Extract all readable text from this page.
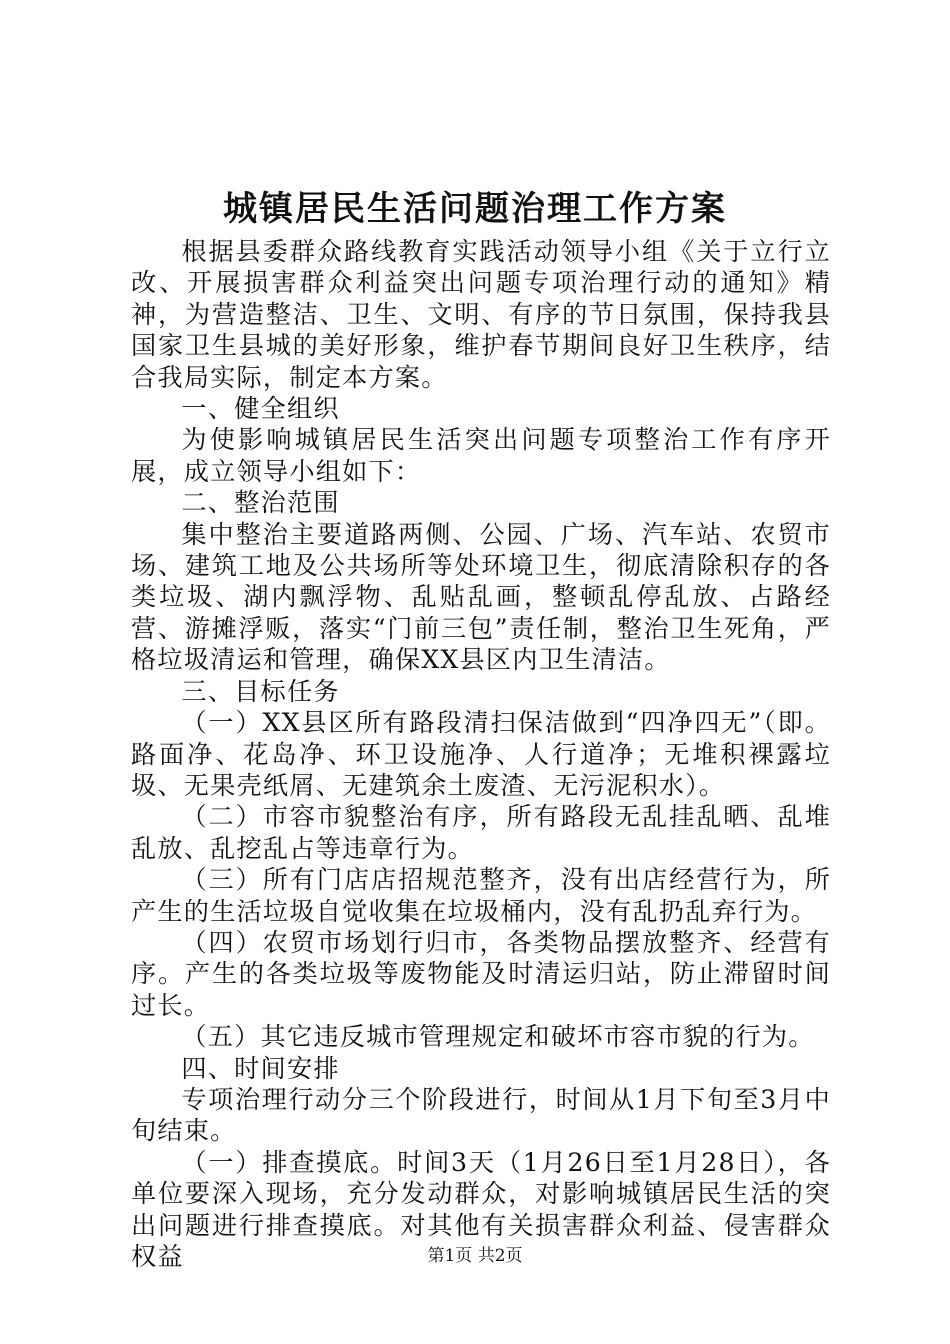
城镇居民生活问题治理工作方案

根据县委群众路线教育实践活动领导小组《关于立行立改、开展损害群众利益突出问题专项治理行动的通知》精神，为营造整洁、卫生、文明、有序的节日氛围，保持我县国家卫生县城的美好形象，维护春节期间良好卫生秩序，结合我局实际，制定本方案。

一、健全组织

为使影响城镇居民生活突出问题专项整治工作有序开展，成立领导小组如下：

二、整治范围

集中整治主要道路两侧、公园、广场、汽车站、农贸市场、建筑工地及公共场所等处环境卫生，彻底清除积存的各类垃圾、湖内飘浮物、乱贴乱画，整顿乱停乱放、占路经营、游摊浮贩，落实“门前三包”责任制，整治卫生死角，严格垃圾清运和管理，确保XX县区内卫生清洁。

三、目标任务

（一）XX县区所有路段清扫保洁做到“四净四无”（即。路面净、花岛净、环卫设施净、人行道净；无堆积裸露垃圾、无果壳纸屑、无建筑余土废渣、无污泥积水）。

（二）市容市貌整治有序，所有路段无乱挂乱晒、乱堆乱放、乱挖乱占等违章行为。

（三）所有门店店招规范整齐，没有出店经营行为，所产生的生活垃圾自觉收集在垃圾桶内，没有乱扔乱弃行为。

（四）农贸市场划行归市，各类物品摆放整齐、经营有序。产生的各类垃圾等废物能及时清运归站，防止滞留时间过长。

（五）其它违反城市管理规定和破坏市容市貌的行为。

四、时间安排

专项治理行动分三个阶段进行，时间从1月下旬至3月中旬结束。

（一）排查摸底。时间3天（1月26日至1月28日），各单位要深入现场，充分发动群众，对影响城镇居民生活的突出问题进行排查摸底。对其他有关损害群众利益、侵害群众权益	第1页 共2页
